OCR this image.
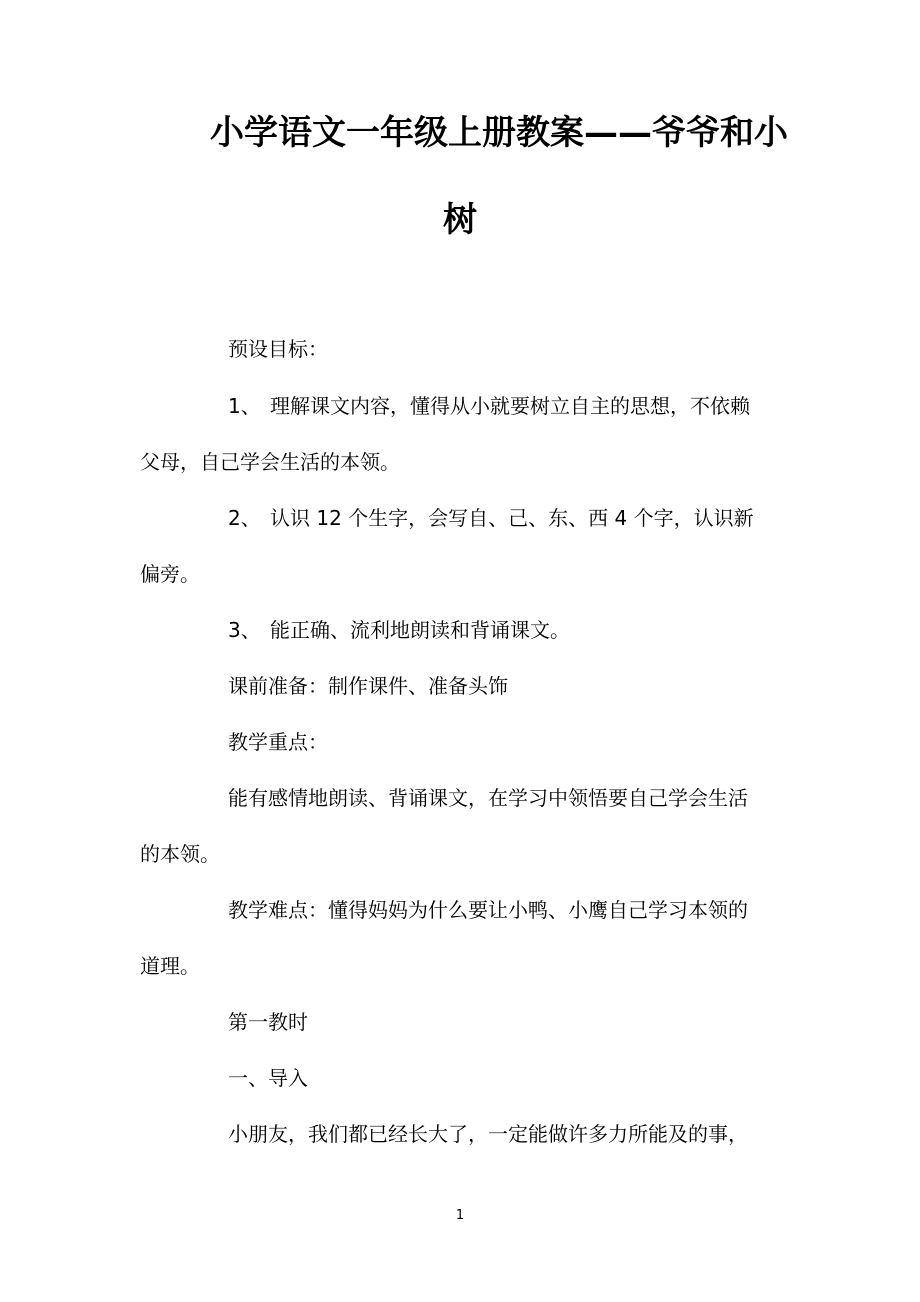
小学语文一年级上册教案——爷爷和小
树
预设目标：
1、 理解课文内容，懂得从小就要树立自主的思想，不依赖
父母，自己学会生活的本领。
2、 认识 12 个生字，会写自、己、东、西 4 个字，认识新
偏旁。
3、 能正确、流利地朗读和背诵课文。
课前准备：制作课件、准备头饰
教学重点：
能有感情地朗读、背诵课文，在学习中领悟要自己学会生活
的本领。
教学难点：懂得妈妈为什么要让小鸭、小鹰自己学习本领的
道理。
第一教时
一、导入
小朋友，我们都已经长大了，一定能做许多力所能及的事，
1
